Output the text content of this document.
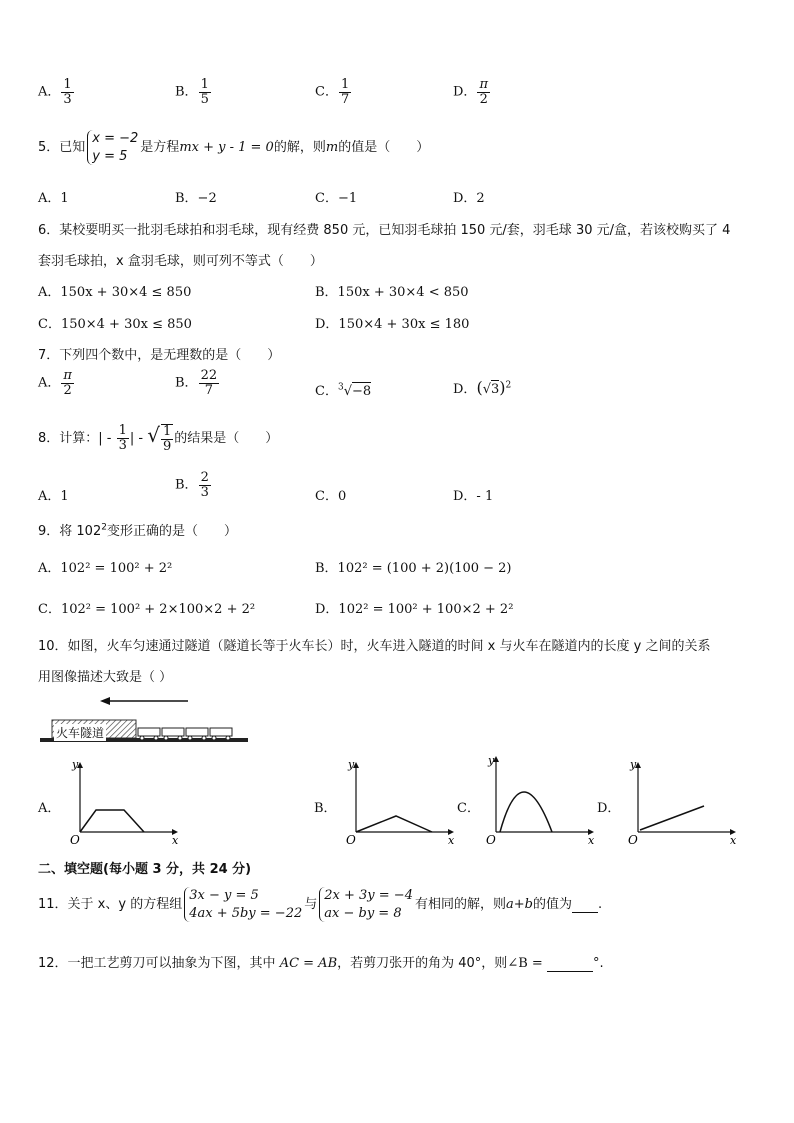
A． $\frac{1}{3}$	B． $\frac{1}{5}$	C． $\frac{1}{7}$	D． $\frac{\pi}{2}$
5．已知
x = −2
y = 5
是方程mx + y - 1 = 0的解，则m的值是（　　）
A．1	B．−2	C．−1	D．2
6．某校要明买一批羽毛球拍和羽毛球，现有经费 850 元，已知羽毛球拍 150 元/套，羽毛球 30 元/盒，若该校购买了 4
套羽毛球拍，x 盒羽毛球，则可列不等式（　　）
A．150x + 30×4 ≤ 850	B．150x + 30×4 < 850
C．150×4 + 30x ≤ 850	D．150×4 + 30x ≤ 180
7．下列四个数中，是无理数的是（　　）
A． $\frac{\pi}{2}$	B． $\frac{22}{7}$	C．$^3$√−8	D．$(√3)^2$
8．计算：| - $\frac{1}{3}$ | - √ $\frac{1}{9}$ 的结果是（　　）
A．1
B． $\frac{2}{3}$	C．0	D．- 1
9．将 $102^2$变形正确的是（　　）
A．102² = 100² + 2²	B．102² = (100 + 2)(100 − 2)
C．102² = 100² + 2×100×2 + 2²	D．102² = 100² + 100×2 + 2²
10．如图，火车匀速通过隧道（隧道长等于火车长）时，火车进入隧道的时间 x 与火车在隧道内的长度 y 之间的关系
用图像描述大致是（ ）
火车隧道
A．
y
x
O
B．
y
x
O
C．
y
x
O
D．
y
x
O
二、填空题(每小题 3 分，共 24 分)
11．关于 x、y 的方程组
3x − y = 5
4ax + 5by = −22
与
2x + 3y = −4
ax − by = 8
有相同的解，则a+b的值为 .
12．一把工艺剪刀可以抽象为下图，其中 AC = AB，若剪刀张开的角为 40°，则∠B =	°.
